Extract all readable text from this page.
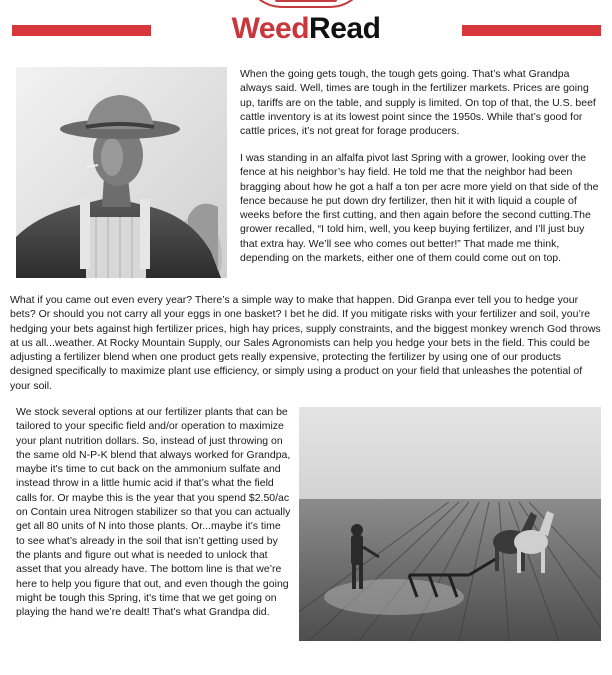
WeedRead

When the going gets tough, the tough gets going. That’s what Grandpa always said. Well, times are tough in the fertilizer markets. Prices are going up, tariffs are on the table, and supply is limited. On top of that, the U.S. beef cattle inventory is at its lowest point since the 1950s. While that’s good for cattle prices, it’s not great for forage producers.

I was standing in an alfalfa pivot last Spring with a grower, looking over the fence at his neighbor’s hay field. He told me that the neighbor had been bragging about how he got a half a ton per acre more yield on that side of the fence because he put down dry fertilizer, then hit it with liquid a couple of weeks before the first cutting, and then again before the second cutting.The grower recalled, “I told him, well, you keep buying fertilizer, and I’ll just buy that extra hay. We’ll see who comes out better!” That made me think, depending on the markets, either one of them could come out on top.

What if you came out even every year? There’s a simple way to make that happen. Did Granpa ever tell you to hedge your bets? Or should you not carry all your eggs in one basket? I bet he did. If you mitigate risks with your fertilizer and soil, you’re hedging your bets against high fertilizer prices, high hay prices, supply constraints, and the biggest monkey wrench God throws at us all...weather. At Rocky Mountain Supply, our Sales Agronomists can help you hedge your bets in the field. This could be adjusting a fertilizer blend when one product gets really expensive, protecting the fertilizer by using one of our products designed specifically to maximize plant use efficiency, or simply using a product on your field that unleashes the potential of your soil.

We stock several options at our fertilizer plants that can be tailored to your specific field and/or operation to maximize your plant nutrition dollars. So, instead of just throwing on the same old N-P-K blend that always worked for Grandpa, maybe it's time to cut back on the ammonium sulfate and instead throw in a little humic acid if that’s what the field calls for. Or maybe this is the year that you spend $2.50/ac on Contain urea Nitrogen stabilizer so that you can actually get all 80 units of N into those plants. Or...maybe it’s time to see what’s already in the soil that isn’t getting used by the plants and figure out what is needed to unlock that asset that you already have. The bottom line is that we’re here to help you figure that out, and even though the going might be tough this Spring, it's time that we get going on playing the hand we’re dealt! That’s what Grandpa did.
